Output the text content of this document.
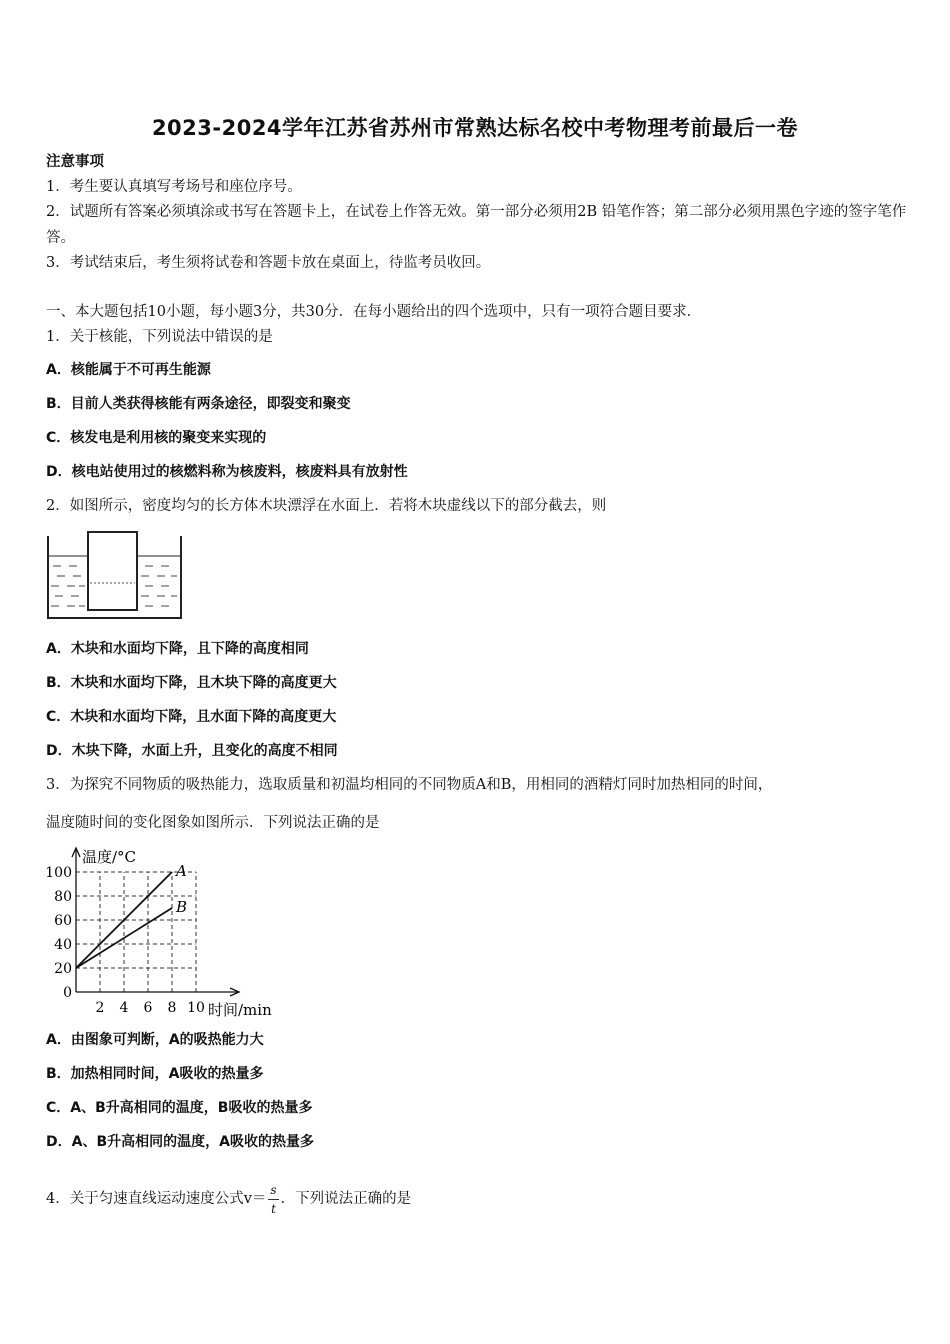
2023-2024学年江苏省苏州市常熟达标名校中考物理考前最后一卷
注意事项
1．考生要认真填写考场号和座位序号。
2．试题所有答案必须填涂或书写在答题卡上，在试卷上作答无效。第一部分必须用2B 铅笔作答；第二部分必须用黑色字迹的签字笔作答。
3．考试结束后，考生须将试卷和答题卡放在桌面上，待监考员收回。
一、本大题包括10小题，每小题3分，共30分．在每小题给出的四个选项中，只有一项符合题目要求．
1．关于核能，下列说法中错误的是
A．核能属于不可再生能源
B．目前人类获得核能有两条途径，即裂变和聚变
C．核发电是利用核的聚变来实现的
D．核电站使用过的核燃料称为核废料，核废料具有放射性
2．如图所示，密度均匀的长方体木块漂浮在水面上．若将木块虚线以下的部分截去，则
A．木块和水面均下降，且下降的高度相同
B．木块和水面均下降，且木块下降的高度更大
C．木块和水面均下降，且水面下降的高度更大
D．木块下降，水面上升，且变化的高度不相同
3．为探究不同物质的吸热能力，选取质量和初温均相同的不同物质A和B，用相同的酒精灯同时加热相同的时间，
温度随时间的变化图象如图所示．下列说法正确的是
0
20
40
60
80
100
2 4 6 8 10
温度/°C
时间/min
A
B
A．由图象可判断，A的吸热能力大
B．加热相同时间，A吸收的热量多
C．A、B升高相同的温度，B吸收的热量多
D．A、B升高相同的温度，A吸收的热量多
4．关于匀速直线运动速度公式$v= \frac{s}{t}$ ．下列说法正确的是
